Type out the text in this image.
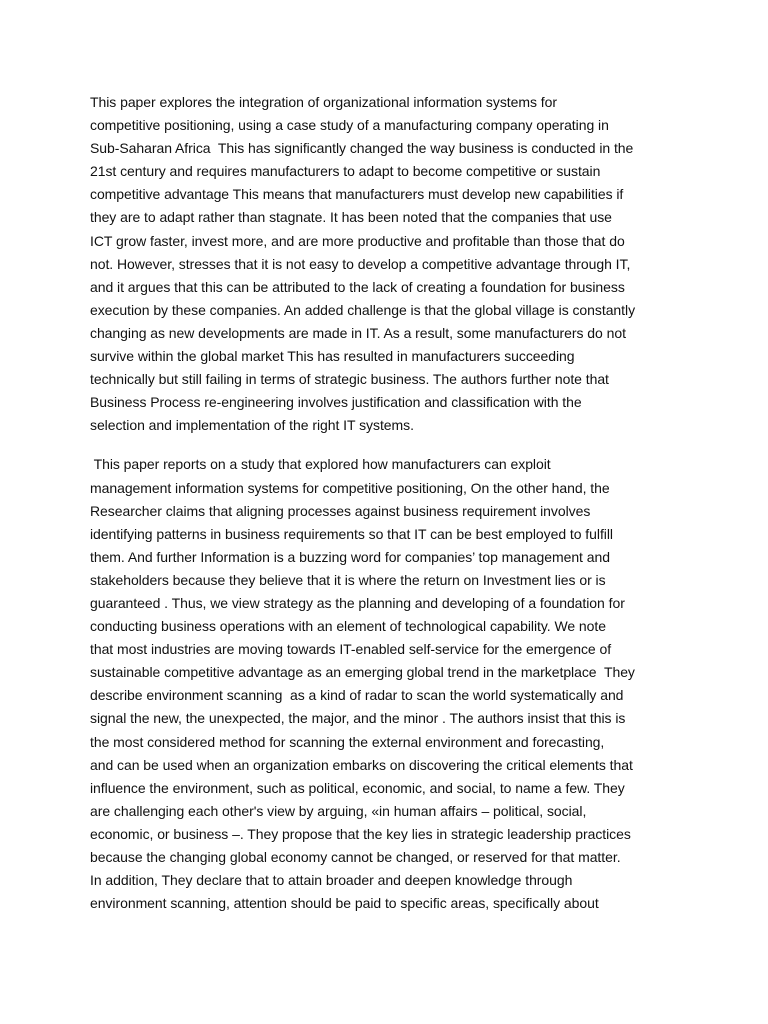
This paper explores the integration of organizational information systems for
competitive positioning, using a case study of a manufacturing company operating in
Sub-Saharan Africa  This has significantly changed the way business is conducted in the
21st century and requires manufacturers to adapt to become competitive or sustain
competitive advantage This means that manufacturers must develop new capabilities if
they are to adapt rather than stagnate. It has been noted that the companies that use
ICT grow faster, invest more, and are more productive and profitable than those that do
not. However, stresses that it is not easy to develop a competitive advantage through IT,
and it argues that this can be attributed to the lack of creating a foundation for business
execution by these companies. An added challenge is that the global village is constantly
changing as new developments are made in IT. As a result, some manufacturers do not
survive within the global market This has resulted in manufacturers succeeding
technically but still failing in terms of strategic business. The authors further note that
Business Process re-engineering involves justification and classification with the
selection and implementation of the right IT systems.

This paper reports on a study that explored how manufacturers can exploit
management information systems for competitive positioning, On the other hand, the
Researcher claims that aligning processes against business requirement involves
identifying patterns in business requirements so that IT can be best employed to fulfill
them. And further Information is a buzzing word for companies’ top management and
stakeholders because they believe that it is where the return on Investment lies or is
guaranteed . Thus, we view strategy as the planning and developing of a foundation for
conducting business operations with an element of technological capability. We note
that most industries are moving towards IT-enabled self-service for the emergence of
sustainable competitive advantage as an emerging global trend in the marketplace  They
describe environment scanning  as a kind of radar to scan the world systematically and
signal the new, the unexpected, the major, and the minor . The authors insist that this is
the most considered method for scanning the external environment and forecasting,
and can be used when an organization embarks on discovering the critical elements that
influence the environment, such as political, economic, and social, to name a few. They
are challenging each other's view by arguing, «in human affairs – political, social,
economic, or business –. They propose that the key lies in strategic leadership practices
because the changing global economy cannot be changed, or reserved for that matter.
In addition, They declare that to attain broader and deepen knowledge through
environment scanning, attention should be paid to specific areas, specifically about
